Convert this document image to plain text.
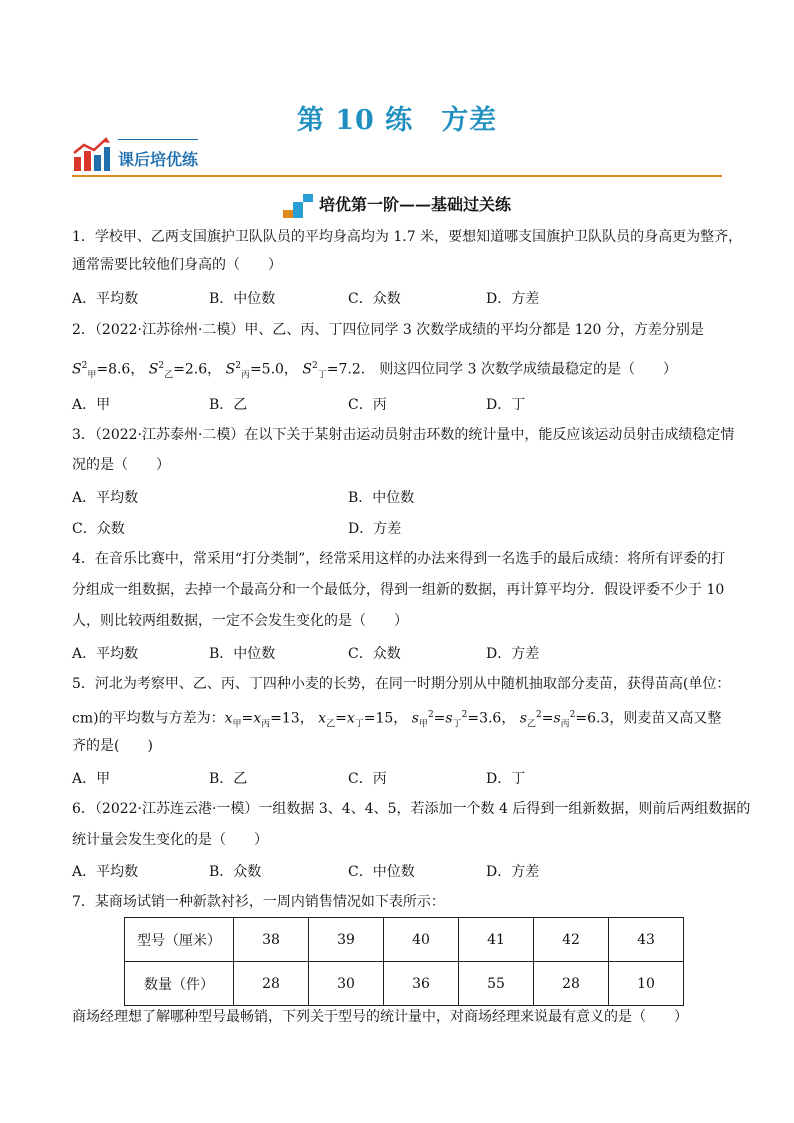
第 10 练 方差
课后培优练
培优第一阶——基础过关练
1．学校甲、乙两支国旗护卫队队员的平均身高均为 1.7 米，要想知道哪支国旗护卫队队员的身高更为整齐，
通常需要比较他们身高的（　　）
A．平均数	B．中位数	C．众数	D．方差
2．（2022·江苏徐州·二模）甲、乙、丙、丁四位同学 3 次数学成绩的平均分都是 120 分，方差分别是
$S^2_甲=8.6$， $S^2_乙=2.6$， $S^2_丙=5.0$， $S^2_丁=7.2$． 则这四位同学 3 次数学成绩最稳定的是（　　）
A．甲	B．乙	C．丙	D．丁
3．（2022·江苏泰州·二模）在以下关于某射击运动员射击环数的统计量中，能反应该运动员射击成绩稳定情
况的是（　　）
A．平均数	B．中位数
C．众数	D．方差
4．在音乐比赛中，常采用“打分类制”，经常采用这样的办法来得到一名选手的最后成绩：将所有评委的打
分组成一组数据，去掉一个最高分和一个最低分，得到一组新的数据，再计算平均分．假设评委不少于 10
人，则比较两组数据，一定不会发生变化的是（　　）
A．平均数	B．中位数	C．众数	D．方差
5．河北为考察甲、乙、丙、丁四种小麦的长势，在同一时期分别从中随机抽取部分麦苗，获得苗高(单位：
cm)的平均数与方差为：$x_甲=x_丙=13$， $x_乙=x_丁=15$， $s_甲^2=s_丁^2=3.6$， $s_乙^2=s_丙^2=6.3$，则麦苗又高又整
齐的是(　　)
A．甲	B．乙	C．丙	D．丁
6．（2022·江苏连云港·一模）一组数据 3、4、4、5，若添加一个数 4 后得到一组新数据，则前后两组数据的
统计量会发生变化的是（　　）
A．平均数	B．众数	C．中位数	D．方差
7．某商场试销一种新款衬衫，一周内销售情况如下表所示：
型号（厘米）	38	39	40	41	42	43
数量（件）	28	30	36	55	28	10
商场经理想了解哪种型号最畅销，下列关于型号的统计量中，对商场经理来说最有意义的是（　　）
